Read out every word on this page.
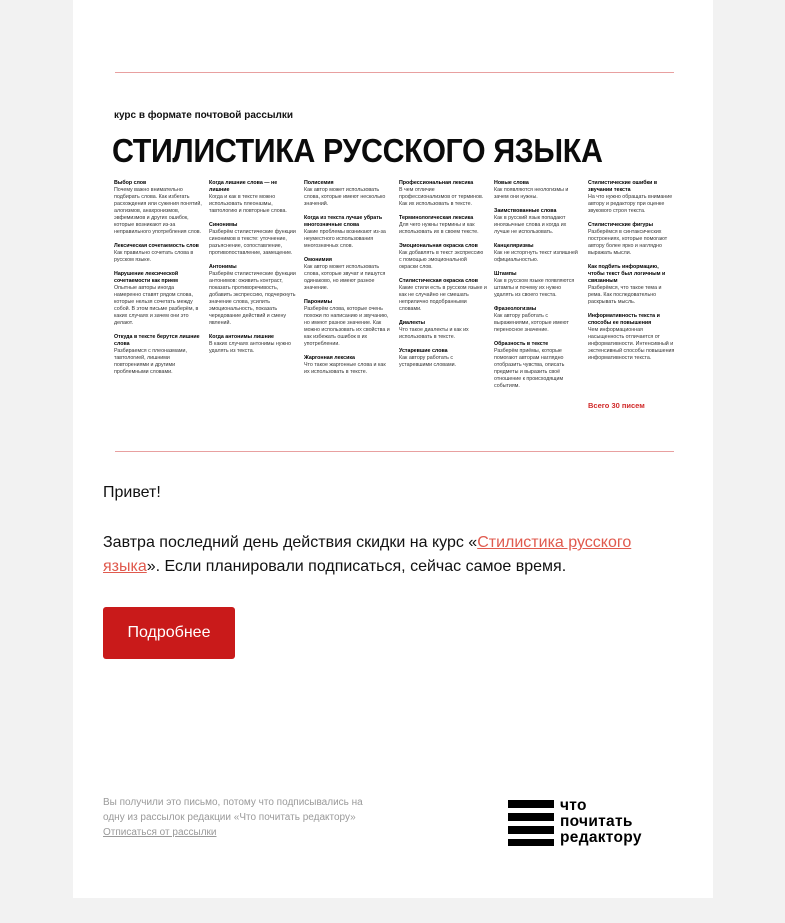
курс в формате почтовой рассылки
СТИЛИСТИКА РУССКОГО ЯЗЫКА
Выбор слов
Почему важно внимательно подбирать слова. Как избегать расхождения или сужения понятий, алогизмов, анахронизмов, эвфемизмов и других ошибок, которые возникают из-за неправильного употребления слов.
Лексическая сочетаемость слов
Как правильно сочетать слова в русском языке.
Нарушение лексической сочетаемости как прием
Опытные авторы иногда намеренно ставят рядом слова, которые нельзя сочетать между собой. В этом письме разберём, в каких случаях и зачем они это делают.
Откуда в тексте берутся лишние слова
Разбираемся с плеоназмами, тавтологией, лишними повторениями и другими проблемными словами.
Когда лишние слова — не лишние
Когда и как в тексте можно использовать плеоназмы, тавтологию и повторные слова.
Синонимы
Разберём стилистические функции синонимов в тексте: уточнение, разъяснение, сопоставление, противопоставление, замещение.
Антонимы
Разберём стилистические функции антонимов: оживить контраст, показать противоречивость, добавить экспрессию, подчеркнуть значение слова, усилить эмоциональность, показать чередование действий и смену явлений.
Когда антонимы лишние
В каких случаях антонимы нужно удалять из текста.
Полисемия
Как автор может использовать слова, которые имеют несколько значений.
Когда из текста лучше убрать многозначные слова
Какие проблемы возникают из-за неуместного использования многозначных слов.
Омонимия
Как автор может использовать слова, которые звучат и пишутся одинаково, но имеют разное значение.
Паронимы
Разберём слова, которые очень похожи по написанию и звучанию, но имеют разное значение. Как можно использовать их свойства и как избежать ошибок в их употреблении.
Жаргонная лексика
Что такое жаргонные слова и как их использовать в тексте.
Профессиональная лексика
В чем отличие профессионализмов от терминов. Как их использовать в тексте.
Терминологическая лексика
Для чего нужны термины и как использовать их в своем тексте.
Эмоциональная окраска слов
Как добавлять в текст экспрессию с помощью эмоциональной окраски слов.
Стилистическая окраска слов
Какие стили есть в русском языке и как не случайно не смешать неприлично подобранными словами.
Диалекты
Что такое диалекты и как их использовать в тексте.
Устаревшие слова
Как автору работать с устаревшими словами.
Новые слова
Как появляются неологизмы и зачем они нужны.
Заимствованные слова
Как в русский язык попадают иноязычные слова и когда их лучше не использовать.
Канцеляризмы
Как не исторгнуть текст излишней официальностью.
Штампы
Как в русском языке появляются штампы и почему их нужно удалять из своего текста.
Фразеологизмы
Как автору работать с выражениями, которые имеют переносное значение.
Образность в тексте
Разберём приёмы, которые помогают авторам наглядно отобразить чувства, описать предметы и выразить своё отношение к происходящим событиям.
Стилистические ошибки в звучании текста
На что нужно обращать внимание автору и редактору при оценке звукового строя текста.
Стилистические фигуры
Разберёмся в синтаксических построениях, которые помогают автору более ярко и наглядно выражать мысли.
Как подбить информацию, чтобы текст был логичным и связанным
Разберёмся, что такое тема и рема. Как последовательно раскрывать мысль.
Информативность текста и способы ее повышения
Чем информационная насыщенность отличается от информативности. Интенсивный и экстенсивный способы повышения информативности текста.
Всего 30 писем
Привет!
Завтра последний день действия скидки на курс «Стилистика русского языка». Если планировали подписаться, сейчас самое время.
Подробнее
Вы получили это письмо, потому что подписывались на одну из рассылок редакции «Что почитать редактору»
Отписаться от рассылки
что
почитать
редактору
